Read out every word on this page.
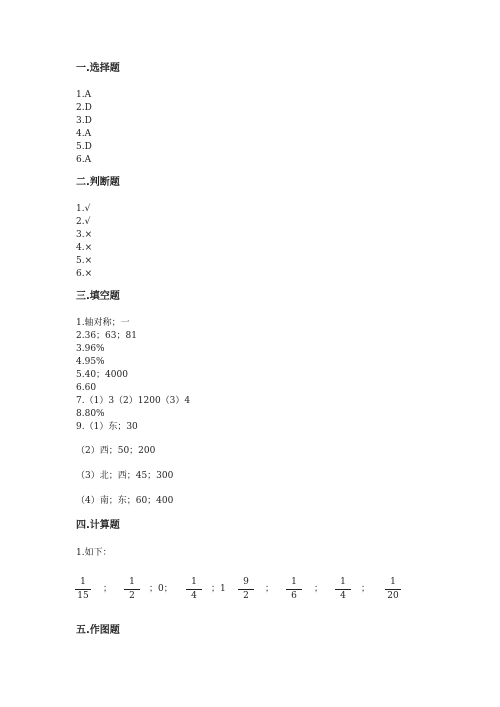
一.选择题
1.A
2.D
3.D
4.A
5.D
6.A
二.判断题
1.√
2.√
3.×
4.×
5.×
6.×
三.填空题
1.轴对称；一
2.36；63；81
3.96%
4.95%
5.40；4000
6.60
7.（1）3（2）1200（3）4
8.80%
9.（1）东；30
（2）西；50；200
（3）北；西；45；300
（4）南；东；60；400
四.计算题
1.如下：
1
15
；
1
2
；0；
1
4
；1
9
2
；
1
6
；
1
4
；
1
20
五.作图题
